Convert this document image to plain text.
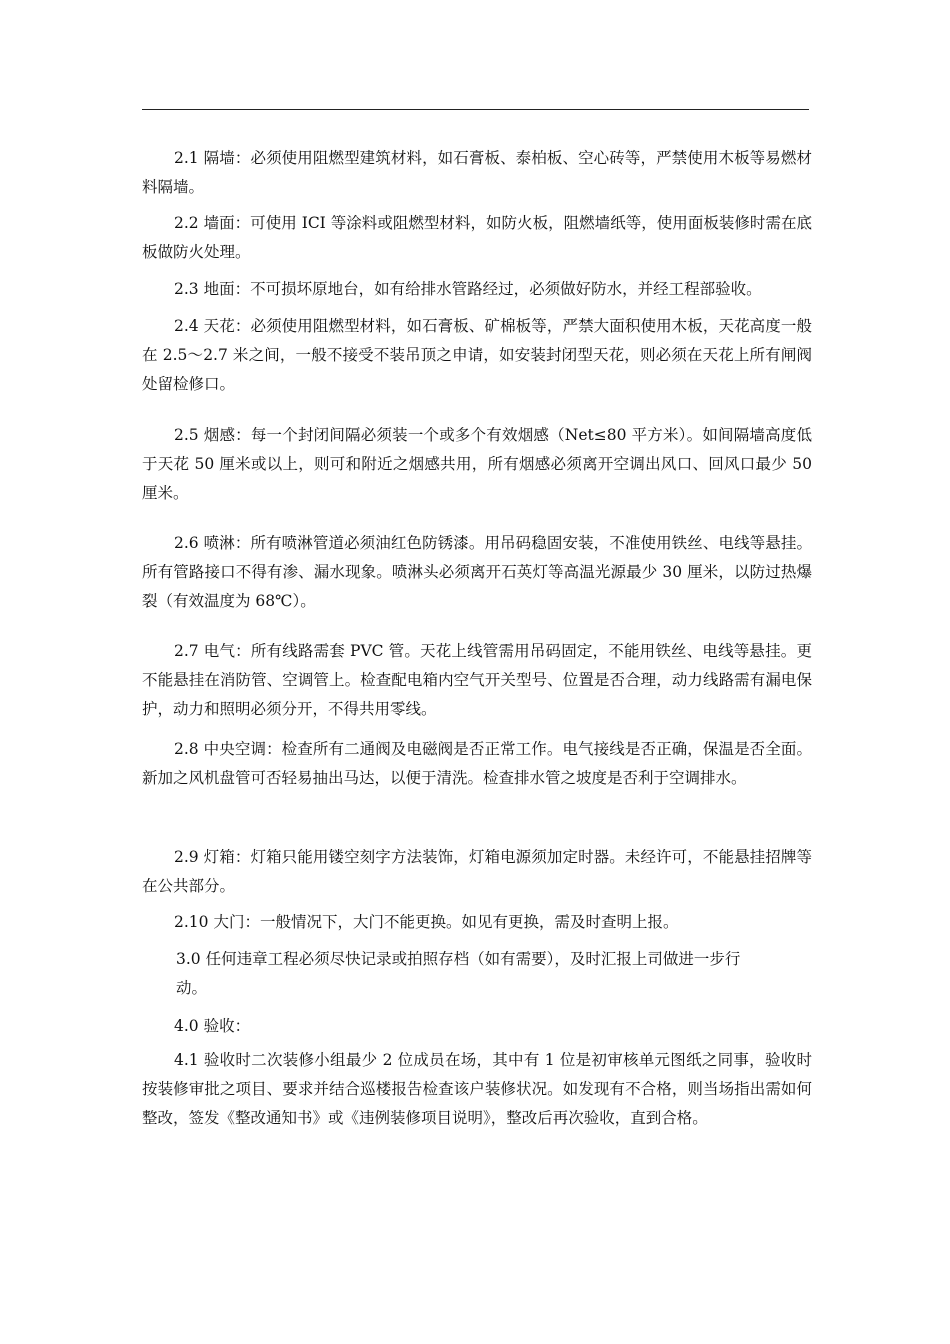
2.1 隔墙：必须使用阻燃型建筑材料，如石膏板、泰柏板、空心砖等，严禁使用木板等易燃材料隔墙。

2.2 墙面：可使用 ICI 等涂料或阻燃型材料，如防火板，阻燃墙纸等，使用面板装修时需在底板做防火处理。

2.3 地面：不可损坏原地台，如有给排水管路经过，必须做好防水，并经工程部验收。

2.4 天花：必须使用阻燃型材料，如石膏板、矿棉板等，严禁大面积使用木板，天花高度一般在 2.5～2.7 米之间，一般不接受不装吊顶之申请，如安装封闭型天花，则必须在天花上所有闸阀处留检修口。

2.5 烟感：每一个封闭间隔必须装一个或多个有效烟感（Net≤80 平方米）。如间隔墙高度低于天花 50 厘米或以上，则可和附近之烟感共用，所有烟感必须离开空调出风口、回风口最少 50 厘米。

2.6 喷淋：所有喷淋管道必须油红色防锈漆。用吊码稳固安装，不准使用铁丝、电线等悬挂。所有管路接口不得有渗、漏水现象。喷淋头必须离开石英灯等高温光源最少 30 厘米，以防过热爆裂（有效温度为 68℃）。

2.7 电气：所有线路需套 PVC 管。天花上线管需用吊码固定，不能用铁丝、电线等悬挂。更不能悬挂在消防管、空调管上。检查配电箱内空气开关型号、位置是否合理，动力线路需有漏电保护，动力和照明必须分开，不得共用零线。

2.8 中央空调：检查所有二通阀及电磁阀是否正常工作。电气接线是否正确，保温是否全面。新加之风机盘管可否轻易抽出马达，以便于清洗。检查排水管之坡度是否利于空调排水。

2.9 灯箱：灯箱只能用镂空刻字方法装饰，灯箱电源须加定时器。未经许可，不能悬挂招牌等在公共部分。

2.10 大门：一般情况下，大门不能更换。如见有更换，需及时查明上报。

3.0 任何违章工程必须尽快记录或拍照存档（如有需要），及时汇报上司做进一步行

动。

4.0 验收：

4.1 验收时二次装修小组最少 2 位成员在场，其中有 1 位是初审核单元图纸之同事，验收时按装修审批之项目、要求并结合巡楼报告检查该户装修状况。如发现有不合格，则当场指出需如何整改，签发《整改通知书》或《违例装修项目说明》，整改后再次验收，直到合格。
